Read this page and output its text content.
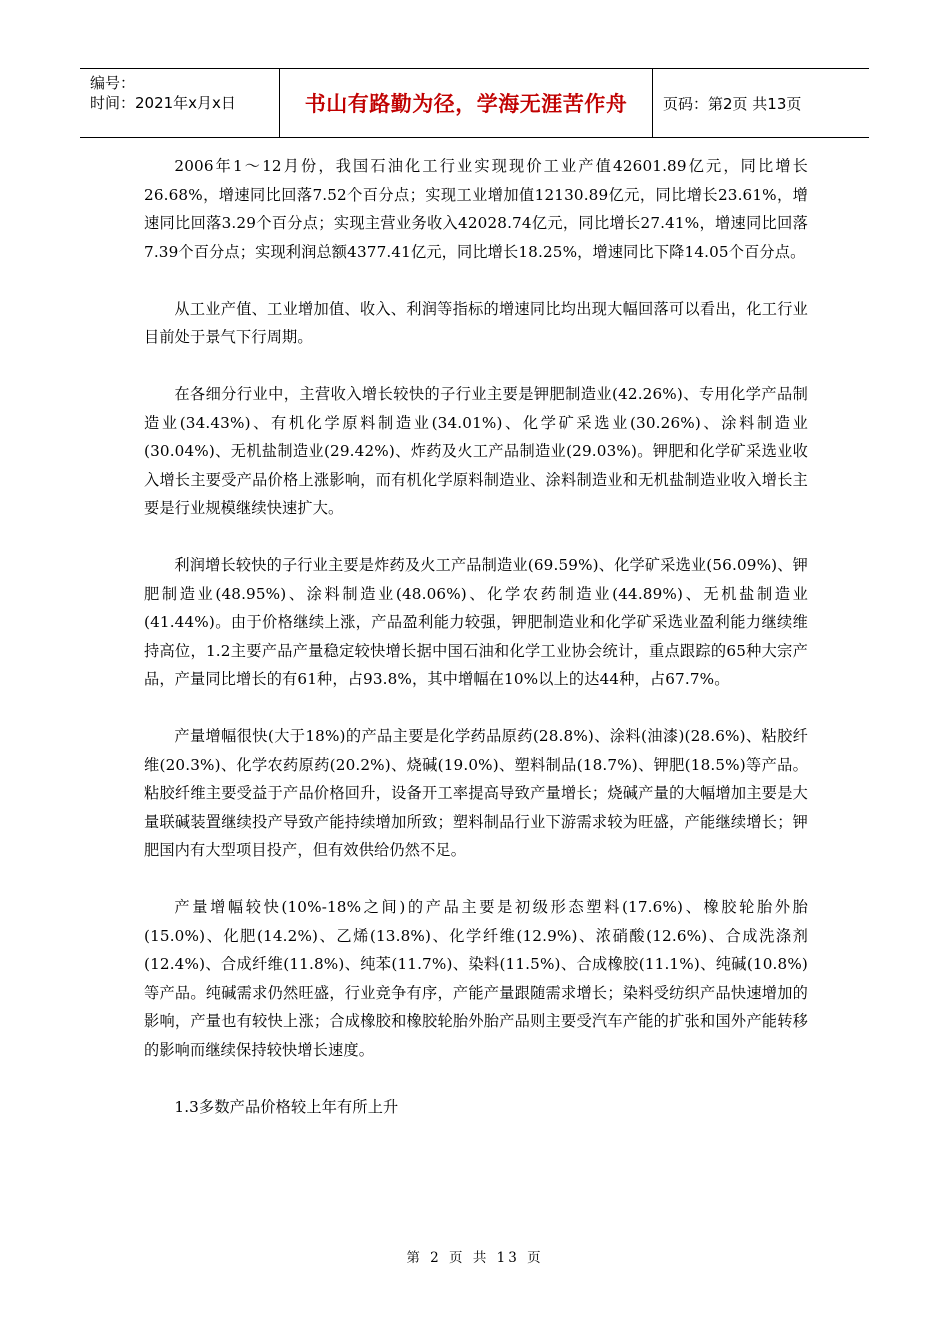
编号：
时间：2021年x月x日	书山有路勤为径，学海无涯苦作舟	页码：第2页 共13页

2006年1～12月份，我国石油化工行业实现现价工业产值42601.89亿元，同比增长26.68%，增速同比回落7.52个百分点；实现工业增加值12130.89亿元，同比增长23.61%，增速同比回落3.29个百分点；实现主营业务收入42028.74亿元，同比增长27.41%，增速同比回落7.39个百分点；实现利润总额4377.41亿元，同比增长18.25%，增速同比下降14.05个百分点。

从工业产值、工业增加值、收入、利润等指标的增速同比均出现大幅回落可以看出，化工行业目前处于景气下行周期。

在各细分行业中，主营收入增长较快的子行业主要是钾肥制造业(42.26%)、专用化学产品制造业(34.43%)、有机化学原料制造业(34.01%)、化学矿采选业(30.26%)、涂料制造业(30.04%)、无机盐制造业(29.42%)、炸药及火工产品制造业(29.03%)。钾肥和化学矿采选业收入增长主要受产品价格上涨影响，而有机化学原料制造业、涂料制造业和无机盐制造业收入增长主要是行业规模继续快速扩大。

利润增长较快的子行业主要是炸药及火工产品制造业(69.59%)、化学矿采选业(56.09%)、钾肥制造业(48.95%)、涂料制造业(48.06%)、化学农药制造业(44.89%)、无机盐制造业(41.44%)。由于价格继续上涨，产品盈利能力较强，钾肥制造业和化学矿采选业盈利能力继续维持高位，1.2主要产品产量稳定较快增长据中国石油和化学工业协会统计，重点跟踪的65种大宗产品，产量同比增长的有61种，占93.8%，其中增幅在10%以上的达44种，占67.7%。

产量增幅很快(大于18%)的产品主要是化学药品原药(28.8%)、涂料(油漆)(28.6%)、粘胶纤维(20.3%)、化学农药原药(20.2%)、烧碱(19.0%)、塑料制品(18.7%)、钾肥(18.5%)等产品。粘胶纤维主要受益于产品价格回升，设备开工率提高导致产量增长；烧碱产量的大幅增加主要是大量联碱装置继续投产导致产能持续增加所致；塑料制品行业下游需求较为旺盛，产能继续增长；钾肥国内有大型项目投产，但有效供给仍然不足。

产量增幅较快(10%-18%之间)的产品主要是初级形态塑料(17.6%)、橡胶轮胎外胎(15.0%)、化肥(14.2%)、乙烯(13.8%)、化学纤维(12.9%)、浓硝酸(12.6%)、合成洗涤剂(12.4%)、合成纤维(11.8%)、纯苯(11.7%)、染料(11.5%)、合成橡胶(11.1%)、纯碱(10.8%)等产品。纯碱需求仍然旺盛，行业竞争有序，产能产量跟随需求增长；染料受纺织产品快速增加的影响，产量也有较快上涨；合成橡胶和橡胶轮胎外胎产品则主要受汽车产能的扩张和国外产能转移的影响而继续保持较快增长速度。

1.3多数产品价格较上年有所上升

第 2 页 共 13 页
